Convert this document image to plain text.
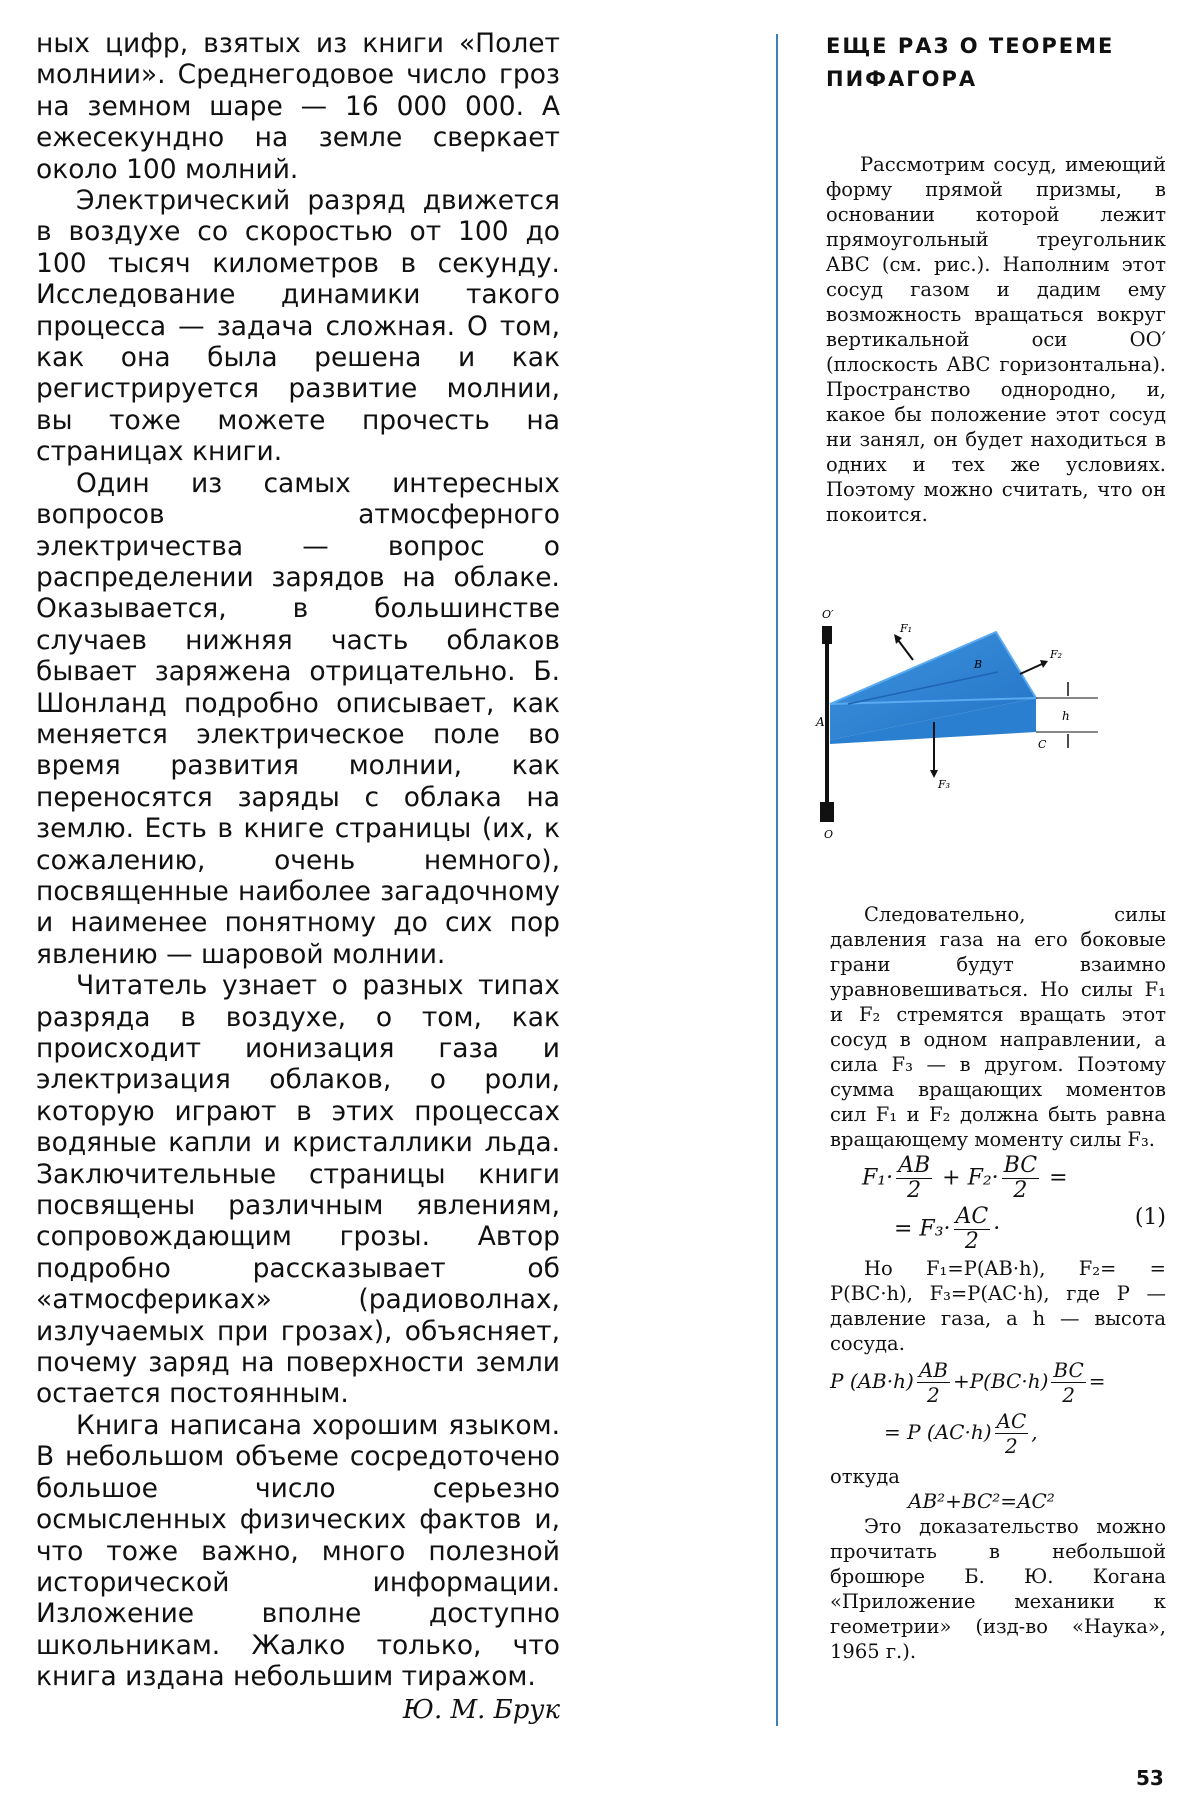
ных цифр, взятых из книги «Полет молнии». Среднегодовое число гроз на земном шаре — 16 000 000. А ежесекундно на земле сверкает около 100 молний.

Электрический разряд движется в воздухе со скоростью от 100 до 100 тысяч километров в секунду. Исследование динамики такого процесса — задача сложная. О том, как она была решена и как регистрируется развитие молнии, вы тоже можете прочесть на страницах книги.

Один из самых интересных вопросов атмосферного электричества — вопрос о распределении зарядов на облаке. Оказывается, в большинстве случаев нижняя часть облаков бывает заряжена отрицательно. Б. Шонланд подробно описывает, как меняется электрическое поле во время развития молнии, как переносятся заряды с облака на землю. Есть в книге страницы (их, к сожалению, очень немного), посвященные наиболее загадочному и наименее понятному до сих пор явлению — шаровой молнии.

Читатель узнает о разных типах разряда в воздухе, о том, как происходит ионизация газа и электризация облаков, о роли, которую играют в этих процессах водяные капли и кристаллики льда. Заключительные страницы книги посвящены различным явлениям, сопровождающим грозы. Автор подробно рассказывает об «атмосфериках» (радиоволнах, излучаемых при грозах), объясняет, почему заряд на поверхности земли остается постоянным.

Книга написана хорошим языком. В небольшом объеме сосредоточено большое число серьезно осмысленных физических фактов и, что тоже важно, много полезной исторической информации. Изложение вполне доступно школьникам. Жалко только, что книга издана небольшим тиражом.

Ю. М. Брук
ЕЩЕ РАЗ О ТЕОРЕМЕ ПИФАГОРА

Рассмотрим сосуд, имеющий форму прямой призмы, в основании которой лежит прямоугольный треугольник ABC (см. рис.). Наполним этот сосуд газом и дадим ему возможность вращаться вокруг вертикальной оси OO′ (плоскость ABC горизонтальна). Пространство однородно, и, какое бы положение этот сосуд ни занял, он будет находиться в одних и тех же условиях. Поэтому можно считать, что он покоится.

O′
O
A
B
C
h
F₁
F₂
F₃

Следовательно, силы давления газа на его боковые грани будут взаимно уравновешиваться. Но силы F₁ и F₂ стремятся вращать этот сосуд в одном направлении, а сила F₃ — в другом. Поэтому сумма вращающих моментов сил F₁ и F₂ должна быть равна вращающему моменту силы F₃.

$F_1\cdot \frac{AB}{2} + F_2\cdot \frac{BC}{2}$ =
= $F_3\cdot \frac{AC}{2}$ ·	(1)

Но F₁=P(AB·h), F₂= = P(BC·h), F₃=P(AC·h), где P — давление газа, а h — высота сосуда.

P $(AB\cdot h) \frac{AB}{2} +P(BC\cdot h) \frac{BC}{2}$ =
= P $(AC\cdot h) \frac{AC}{2}$ ,

откуда

AB²+BC²=AC²

Это доказательство можно прочитать в небольшой брошюре Б. Ю. Когана «Приложение механики к геометрии» (изд-во «Наука», 1965 г.).

53
